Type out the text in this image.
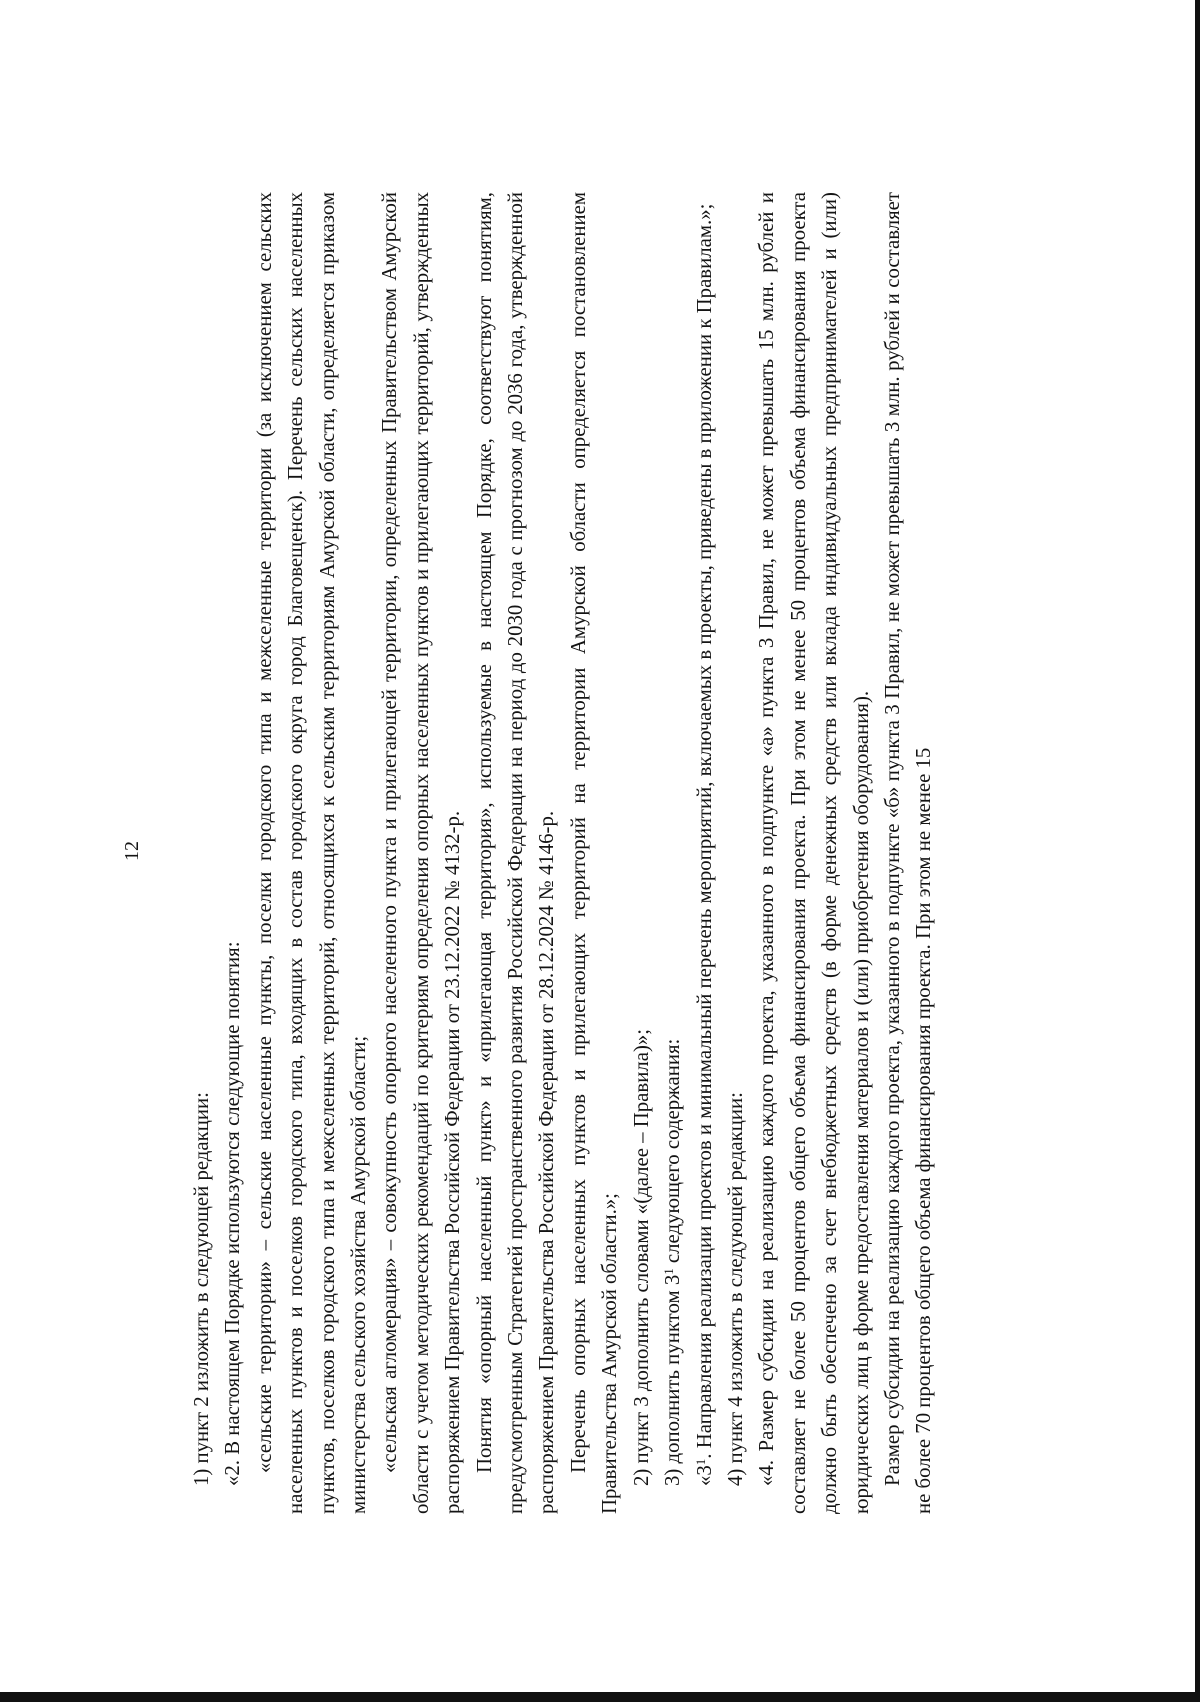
12

1) пункт 2 изложить в следующей редакции: «2. В настоящем Порядке используются следующие понятия: «сельские территории» – сельские населенные пункты, поселки городского типа и межселенные территории (за исключением сельских населенных пунктов и поселков городского типа, входящих в состав городского округа город Благовещенск). Перечень сельских населенных пунктов, поселков городского типа и межселенных территорий, относящихся к сельским территориям Амурской области, определяется приказом министерства сельского хозяйства Амурской области; «сельская агломерация» – совокупность опорного населенного пункта и прилегающей территории, определенных Правительством Амурской области с учетом методических рекомендаций по критериям определения опорных населенных пунктов и прилегающих территорий, утвержденных распоряжением Правительства Российской Федерации от 23.12.2022 № 4132-р. Понятия «опорный населенный пункт» и «прилегающая территория», используемые в настоящем Порядке, соответствуют понятиям, предусмотренным Стратегией пространственного развития Российской Федерации на период до 2030 года с прогнозом до 2036 года, утвержденной распоряжением Правительства Российской Федерации от 28.12.2024 № 4146-р. Перечень опорных населенных пунктов и прилегающих территорий на территории Амурской области определяется постановлением Правительства Амурской области.»; 2) пункт 3 дополнить словами «(далее – Правила)»; 3) дополнить пунктом $3^1$ следующего содержания:

«$3^1$. Направления реализации проектов и минимальный перечень мероприятий, включаемых в проекты, приведены в приложении к Правилам.»; 4) пункт 4 изложить в следующей редакции: «4. Размер субсидии на реализацию каждого проекта, указанного в подпункте «а» пункта 3 Правил, не может превышать 15 млн. рублей и составляет не более 50 процентов общего объема финансирования проекта. При этом не менее 50 процентов объема финансирования проекта должно быть обеспечено за счет внебюджетных средств (в форме денежных средств или вклада индивидуальных предпринимателей и (или) юридических лиц в форме предоставления материалов и (или) приобретения оборудования). Размер субсидии на реализацию каждого проекта, указанного в подпункте «б» пункта 3 Правил, не может превышать 3 млн. рублей и составляет не более 70 процентов общего объема финансирования проекта. При этом не менее 15
